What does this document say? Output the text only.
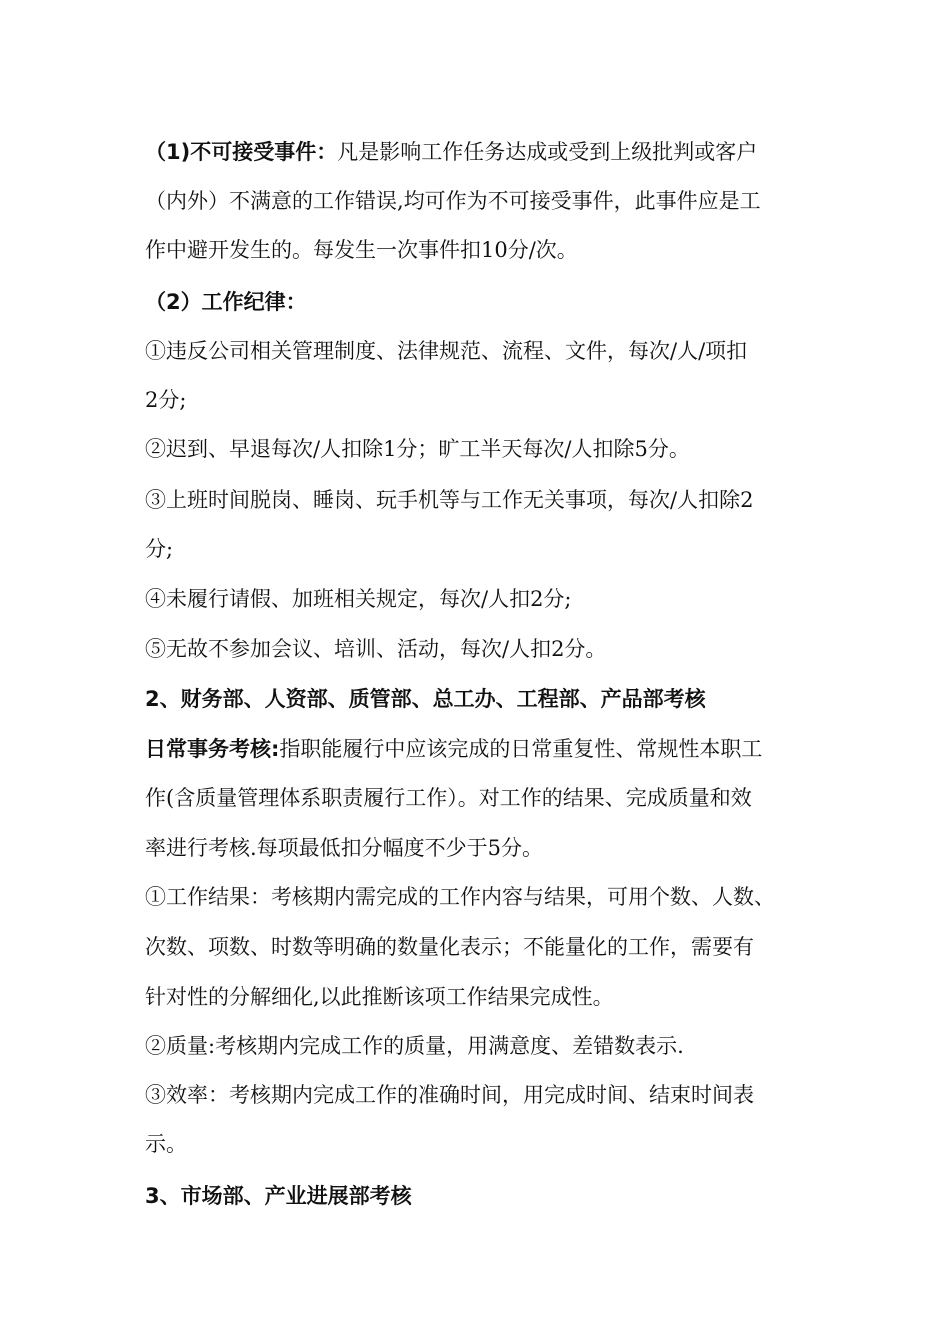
（1)不可接受事件：凡是影响工作任务达成或受到上级批判或客户
（内外）不满意的工作错误,均可作为不可接受事件，此事件应是工
作中避开发生的。每发生一次事件扣10分/次。
（2）工作纪律：
①违反公司相关管理制度、法律规范、流程、文件，每次/人/项扣
2分;
②迟到、早退每次/人扣除1分；旷工半天每次/人扣除5分。
③上班时间脱岗、睡岗、玩手机等与工作无关事项，每次/人扣除2
分;
④未履行请假、加班相关规定，每次/人扣2分;
⑤无故不参加会议、培训、活动，每次/人扣2分。
2、财务部、人资部、质管部、总工办、工程部、产品部考核
日常事务考核:指职能履行中应该完成的日常重复性、常规性本职工
作(含质量管理体系职责履行工作）。对工作的结果、完成质量和效
率进行考核.每项最低扣分幅度不少于5分。
①工作结果：考核期内需完成的工作内容与结果，可用个数、人数、
次数、项数、时数等明确的数量化表示；不能量化的工作，需要有
针对性的分解细化,以此推断该项工作结果完成性。
②质量:考核期内完成工作的质量，用满意度、差错数表示.
③效率：考核期内完成工作的准确时间，用完成时间、结束时间表
示。
3、市场部、产业进展部考核
